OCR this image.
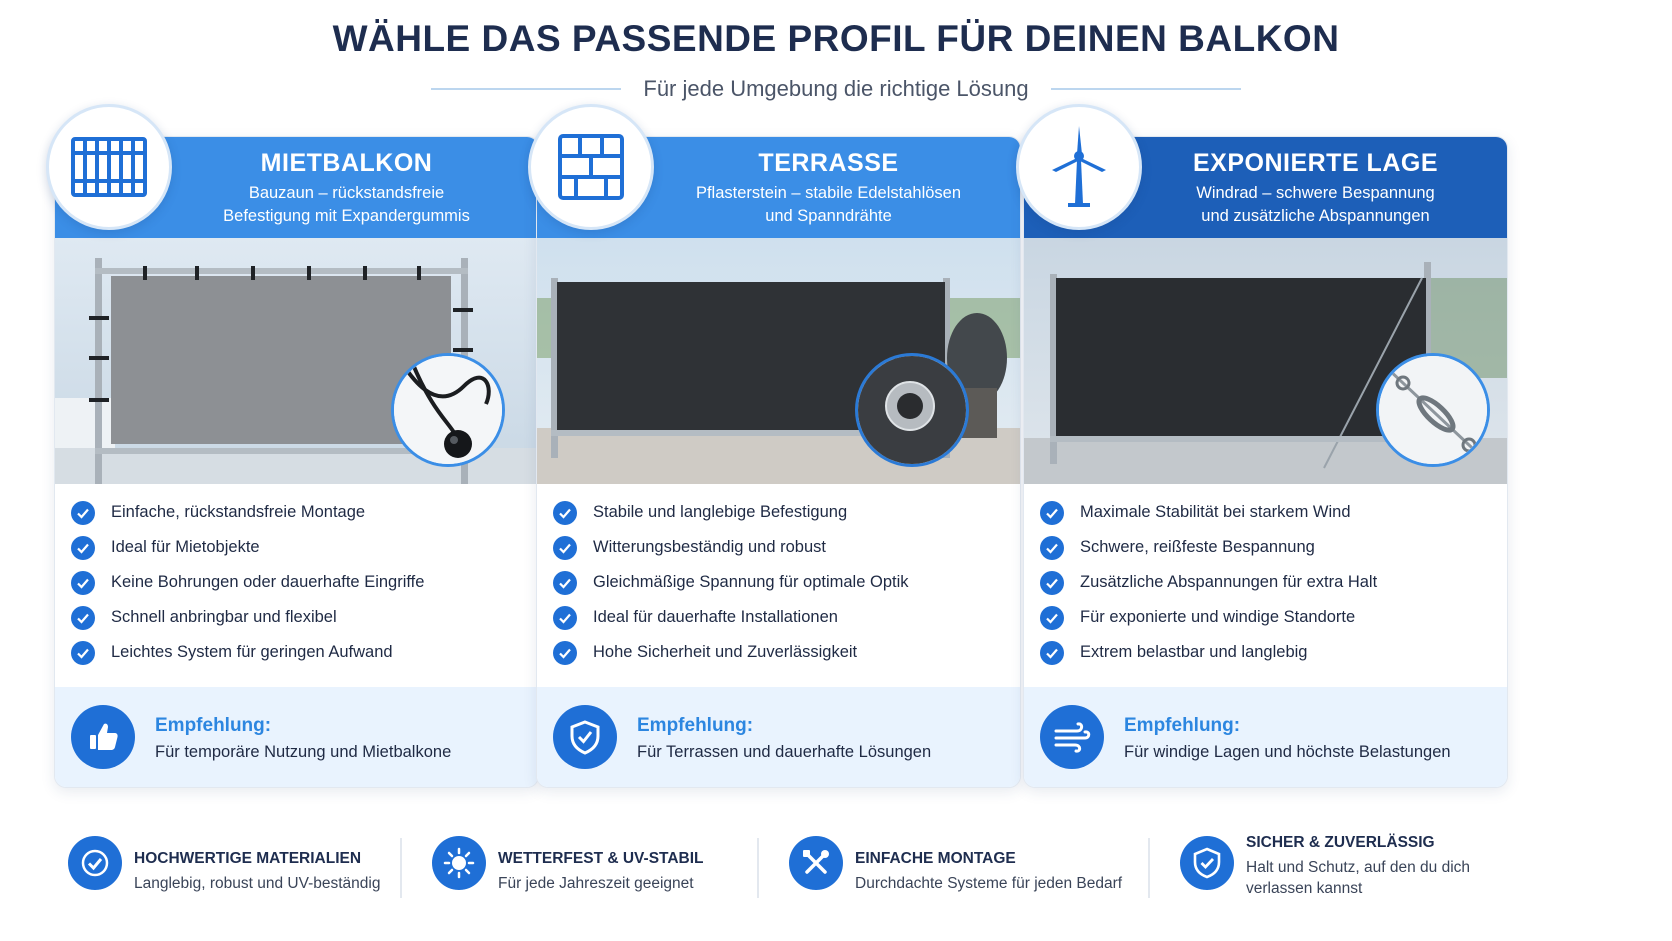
WÄHLE DAS PASSENDE PROFIL FÜR DEINEN BALKON
Für jede Umgebung die richtige Lösung
MIETBALKON
Bauzaun – rückstandsfreie
Befestigung mit Expandergummis
Einfache, rückstandsfreie Montage
Ideal für Mietobjekte
Keine Bohrungen oder dauerhafte Eingriffe
Schnell anbringbar und flexibel
Leichtes System für geringen Aufwand
Empfehlung:
Für temporäre Nutzung und Mietbalkone
TERRASSE
Pflasterstein – stabile Edelstahlösen
und Spanndrähte
Stabile und langlebige Befestigung
Witterungsbeständig und robust
Gleichmäßige Spannung für optimale Optik
Ideal für dauerhafte Installationen
Hohe Sicherheit und Zuverlässigkeit
Empfehlung:
Für Terrassen und dauerhafte Lösungen
EXPONIERTE LAGE
Windrad – schwere Bespannung
und zusätzliche Abspannungen
Maximale Stabilität bei starkem Wind
Schwere, reißfeste Bespannung
Zusätzliche Abspannungen für extra Halt
Für exponierte und windige Standorte
Extrem belastbar und langlebig
Empfehlung:
Für windige Lagen und höchste Belastungen
HOCHWERTIGE MATERIALIEN
Langlebig, robust und UV-beständig
WETTERFEST & UV-STABIL
Für jede Jahreszeit geeignet
EINFACHE MONTAGE
Durchdachte Systeme für jeden Bedarf
SICHER & ZUVERLÄSSIG
Halt und Schutz, auf den du dich verlassen kannst
